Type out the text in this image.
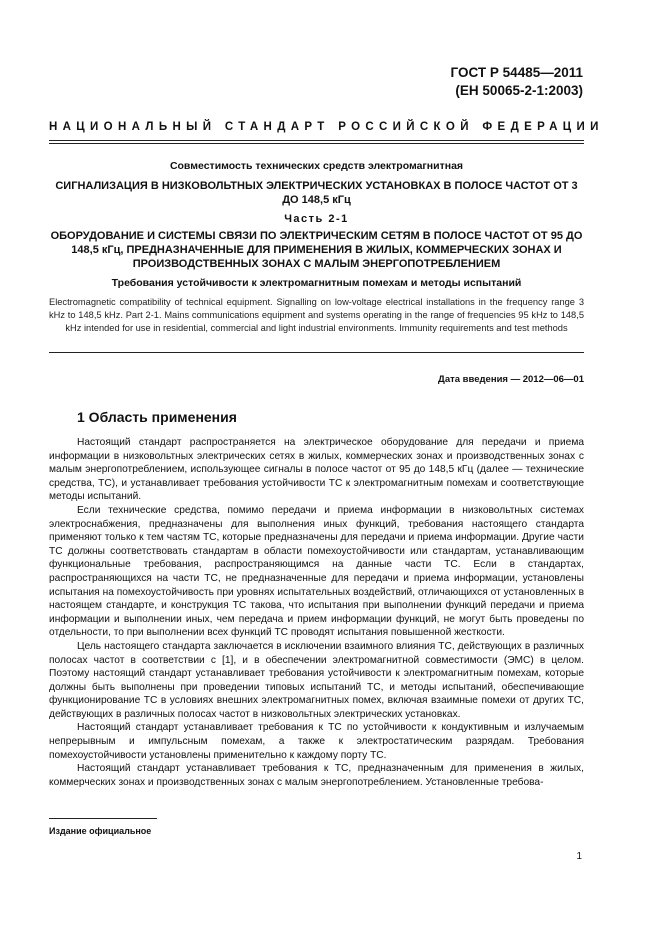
ГОСТ Р 54485—2011
(ЕН 50065-2-1:2003)
НАЦИОНАЛЬНЫЙ СТАНДАРТ РОССИЙСКОЙ ФЕДЕРАЦИИ
Совместимость технических средств электромагнитная
СИГНАЛИЗАЦИЯ В НИЗКОВОЛЬТНЫХ ЭЛЕКТРИЧЕСКИХ УСТАНОВКАХ В ПОЛОСЕ ЧАСТОТ ОТ 3 ДО 148,5 кГц
Часть 2-1
ОБОРУДОВАНИЕ И СИСТЕМЫ СВЯЗИ ПО ЭЛЕКТРИЧЕСКИМ СЕТЯМ В ПОЛОСЕ ЧАСТОТ ОТ 95 ДО 148,5 кГц, ПРЕДНАЗНАЧЕННЫЕ ДЛЯ ПРИМЕНЕНИЯ В ЖИЛЫХ, КОММЕРЧЕСКИХ ЗОНАХ И ПРОИЗВОДСТВЕННЫХ ЗОНАХ С МАЛЫМ ЭНЕРГОПОТРЕБЛЕНИЕМ
Требования устойчивости к электромагнитным помехам и методы испытаний
Electromagnetic compatibility of technical equipment. Signalling on low-voltage electrical installations in the frequency range 3 kHz to 148,5 kHz. Part 2-1. Mains communications equipment and systems operating in the range of frequencies 95 kHz to 148,5 kHz intended for use in residential, commercial and light industrial environments. Immunity requirements and test methods
Дата введения — 2012—06—01
1 Область применения

Настоящий стандарт распространяется на электрическое оборудование для передачи и приема информации в низковольтных электрических сетях в жилых, коммерческих зонах и производственных зонах с малым энергопотреблением, использующее сигналы в полосе частот от 95 до 148,5 кГц (далее — технические средства, ТС), и устанавливает требования устойчивости ТС к электромагнитным помехам и соответствующие методы испытаний.

Если технические средства, помимо передачи и приема информации в низковольтных системах электроснабжения, предназначены для выполнения иных функций, требования настоящего стандарта применяют только к тем частям ТС, которые предназначены для передачи и приема информации. Другие части ТС должны соответствовать стандартам в области помехоустойчивости или стандартам, устанавливающим функциональные требования, распространяющимся на данные части ТС. Если в стандартах, распространяющихся на части ТС, не предназначенные для передачи и приема информации, установлены испытания на помехоустойчивость при уровнях испытательных воздействий, отличающихся от установленных в настоящем стандарте, и конструкция ТС такова, что испытания при выполнении функций передачи и приема информации и выполнении иных, чем передача и прием информации функций, не могут быть проведены по отдельности, то при выполнении всех функций ТС проводят испытания повышенной жесткости.

Цель настоящего стандарта заключается в исключении взаимного влияния ТС, действующих в различных полосах частот в соответствии с [1], и в обеспечении электромагнитной совместимости (ЭМС) в целом. Поэтому настоящий стандарт устанавливает требования устойчивости к электромагнитным помехам, которые должны быть выполнены при проведении типовых испытаний ТС, и методы испытаний, обеспечивающие функционирование ТС в условиях внешних электромагнитных помех, включая взаимные помехи от других ТС, действующих в различных полосах частот в низковольтных электрических установках.

Настоящий стандарт устанавливает требования к ТС по устойчивости к кондуктивным и излучаемым непрерывным и импульсным помехам, а также к электростатическим разрядам. Требования помехоустойчивости установлены применительно к каждому порту ТС.

Настоящий стандарт устанавливает требования к ТС, предназначенным для применения в жилых, коммерческих зонах и производственных зонах с малым энергопотреблением. Установленные требова-

Издание официальное
1
